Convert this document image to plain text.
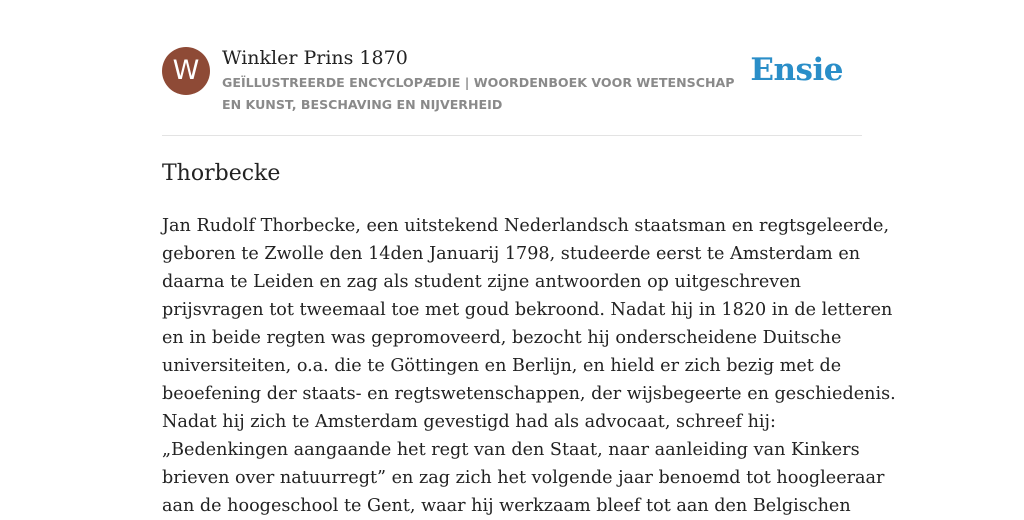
W	Winkler Prins 1870
GEÏLLUSTREERDE ENCYCLOPÆDIE | WOORDENBOEK VOOR WETENSCHAP EN KUNST, BESCHAVING EN NIJVERHEID
Ensie
Thorbecke
Jan Rudolf Thorbecke, een uitstekend Nederlandsch staatsman en regtsgeleerde,
geboren te Zwolle den 14den Januarij 1798, studeerde eerst te Amsterdam en
daarna te Leiden en zag als student zijne antwoorden op uitgeschreven
prijsvragen tot tweemaal toe met goud bekroond. Nadat hij in 1820 in de letteren
en in beide regten was gepromoveerd, bezocht hij onderscheidene Duitsche
universiteiten, o.a. die te Göttingen en Berlijn, en hield er zich bezig met de
beoefening der staats- en regtswetenschappen, der wijsbegeerte en geschiedenis.
Nadat hij zich te Amsterdam gevestigd had als advocaat, schreef hij:
„Bedenkingen aangaande het regt van den Staat, naar aanleiding van Kinkers
brieven over natuurregt” en zag zich het volgende jaar benoemd tot hoogleeraar
aan de hoogeschool te Gent, waar hij werkzaam bleef tot aan den Belgischen
